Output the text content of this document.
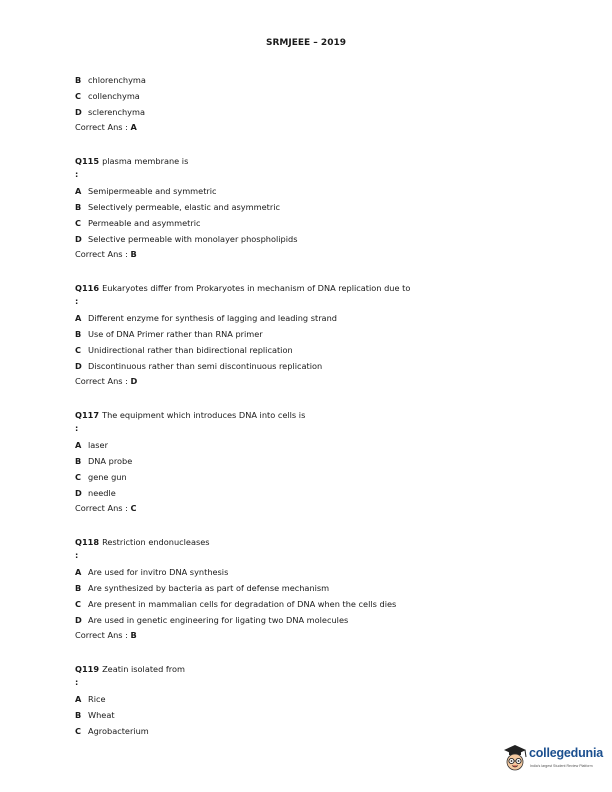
SRMJEEE – 2019
B chlorenchyma
C collenchyma
D sclerenchyma
Correct Ans : A
Q115 plasma membrane is
:
A Semipermeable and symmetric
B Selectively permeable, elastic and asymmetric
C Permeable and asymmetric
D Selective permeable with monolayer phospholipids
Correct Ans : B
Q116 Eukaryotes differ from Prokaryotes in mechanism of DNA replication due to
:
A Different enzyme for synthesis of lagging and leading strand
B Use of DNA Primer rather than RNA primer
C Unidirectional rather than bidirectional replication
D Discontinuous rather than semi discontinuous replication
Correct Ans : D
Q117 The equipment which introduces DNA into cells is
:
A laser
B DNA probe
C gene gun
D needle
Correct Ans : C
Q118 Restriction endonucleases
:
A Are used for invitro DNA synthesis
B Are synthesized by bacteria as part of defense mechanism
C Are present in mammalian cells for degradation of DNA when the cells dies
D Are used in genetic engineering for ligating two DNA molecules
Correct Ans : B
Q119 Zeatin isolated from
:
A Rice
B Wheat
C Agrobacterium
collegedunia
India's largest Student Review Platform
